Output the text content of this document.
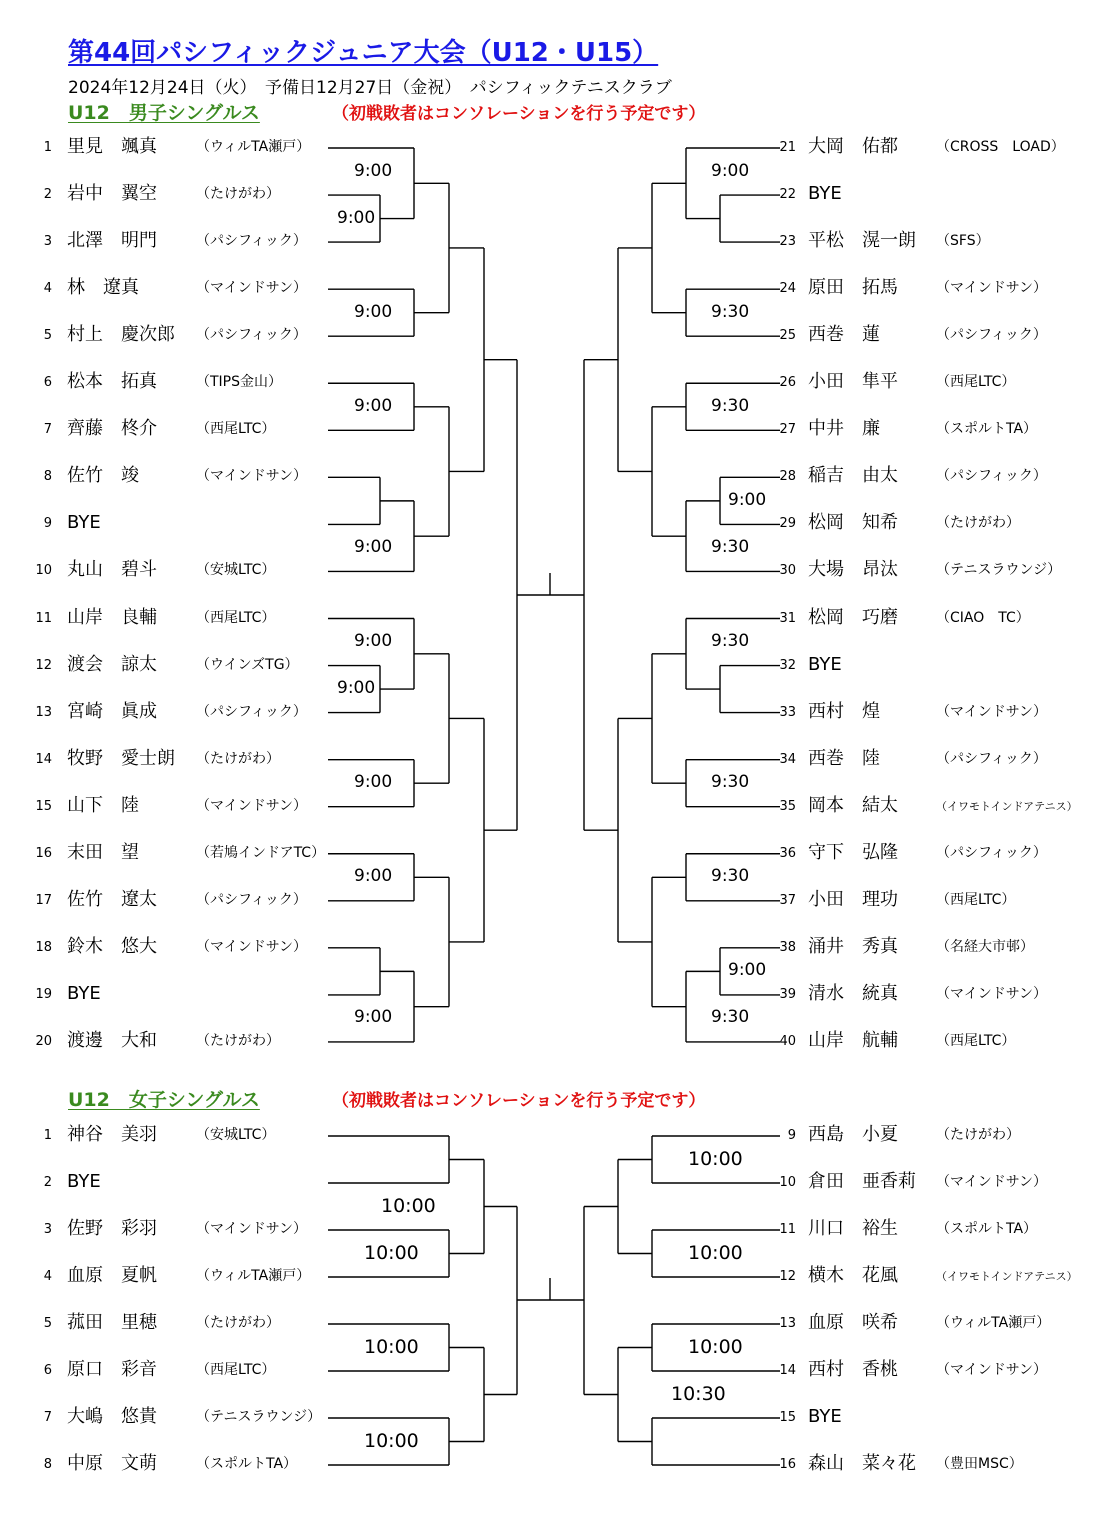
第44回パシフィックジュニア大会（U12・U15）
2024年12月24日（火）　予備日12月27日（金祝）　パシフィックテニスクラブ
U12　男子シングルス	（初戦敗者はコンソレーションを行う予定です）
U12　女子シングルス	（初戦敗者はコンソレーションを行う予定です）
1 里見　颯真	（ウィルTA瀬戸）
2 岩中　翼空	（たけがわ）
3 北澤　明門	（パシフィック）
4 林　遼真	（マインドサン）
5 村上　慶次郎 （パシフィック）
6 松本　拓真	（TIPS金山）
7 齊藤　柊介	（西尾LTC）
8 佐竹　竣	（マインドサン）
9 BYE
10 丸山　碧斗	（安城LTC）
11 山岸　良輔	（西尾LTC）
12 渡会　諒太	（ウインズTG）
13 宮崎　眞成	（パシフィック）
14 牧野　愛士朗 （たけがわ）
15 山下　陸	（マインドサン）
16 末田　望	（若鳩インドアTC）
17 佐竹　遼太	（パシフィック）
18 鈴木　悠大	（マインドサン）
19 BYE
20 渡邊　大和	（たけがわ）
21 大岡　佑都	（CROSS　LOAD）
22 BYE
23 平松　滉一朗 （SFS）
24 原田　拓馬	（マインドサン）
25 西巻　蓮	（パシフィック）
26 小田　隼平	（西尾LTC）
27 中井　廉	（スポルトTA）
28 稲吉　由太	（パシフィック）
29 松岡　知希	（たけがわ）
30 大場　昂汰	（テニスラウンジ）
31 松岡　巧磨	（CIAO　TC）
32 BYE
33 西村　煌	（マインドサン）
34 西巻　陸	（パシフィック）
35 岡本　結太	（イワモトインドアテニス）
36 守下　弘隆	（パシフィック）
37 小田　理功	（西尾LTC）
38 涌井　秀真	（名経大市邨）
39 清水　統真	（マインドサン）
40 山岸　航輔	（西尾LTC）
1 神谷　美羽	（安城LTC）
2 BYE
3 佐野　彩羽	（マインドサン）
4 血原　夏帆	（ウィルTA瀬戸）
5 菰田　里穂	（たけがわ）
6 原口　彩音	（西尾LTC）
7 大嶋　悠貴	（テニスラウンジ）
8 中原　文萌	（スポルトTA）
9 西島　小夏	（たけがわ）
10 倉田　亜香莉 （マインドサン）
11 川口　裕生	（スポルトTA）
12 横木　花風	（イワモトインドアテニス）
13 血原　咲希	（ウィルTA瀬戸）
14 西村　香桃	（マインドサン）
15 BYE
16 森山　菜々花 （豊田MSC）
9:00
9:00
9:00
9:00
9:00
9:00
9:00
9:00
9:00
9:00
9:00
9:30
9:30
9:00
9:30
9:30
9:30
9:30
9:00
9:30
10:00
10:00
10:00
10:00
10:00
10:00
10:00
10:30
